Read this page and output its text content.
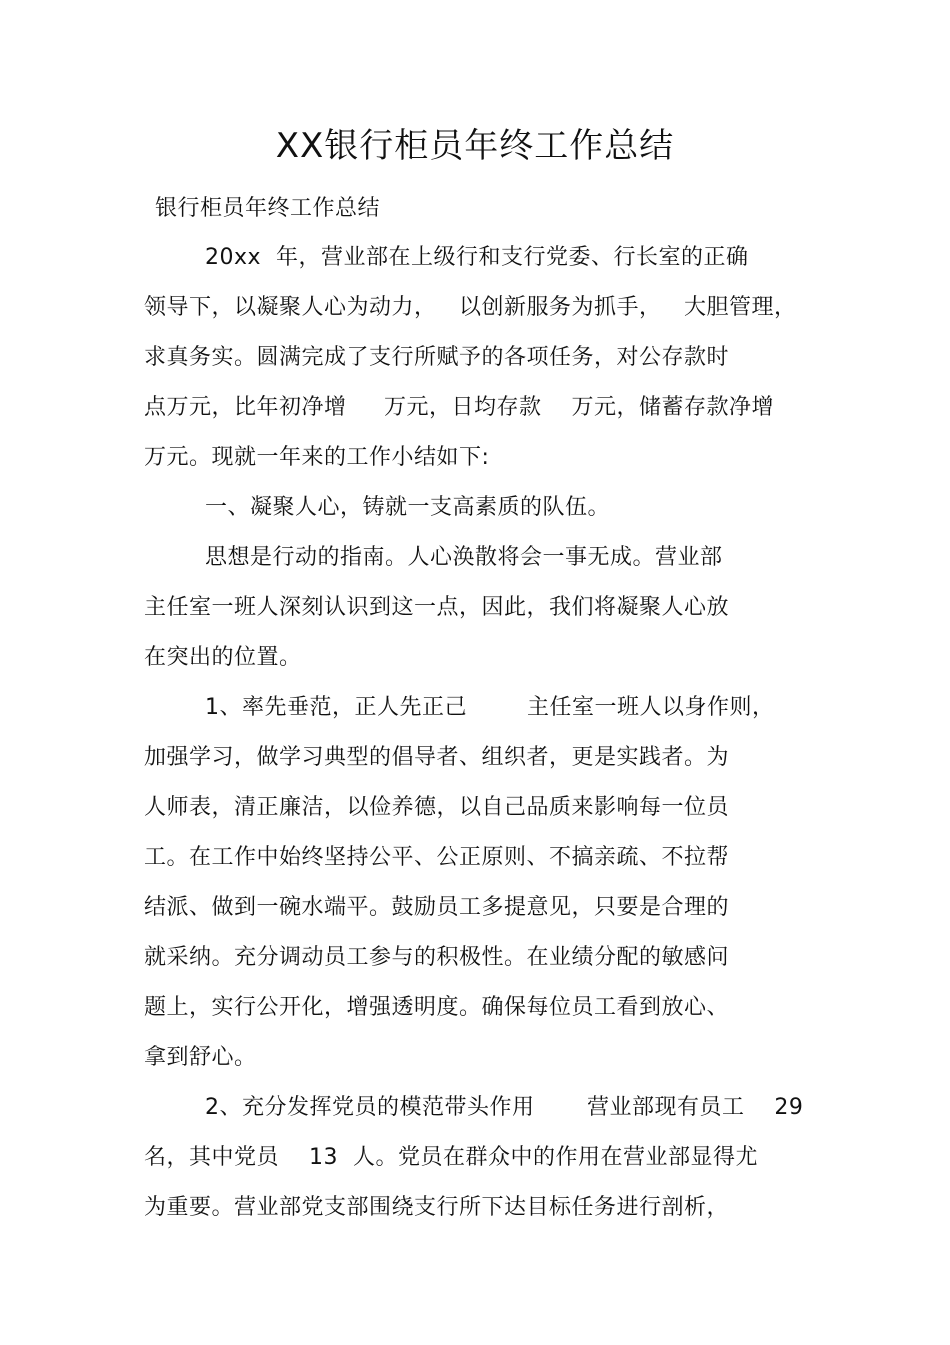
XX银行柜员年终工作总结
银行柜员年终工作总结
20xx  年，营业部在上级行和支行党委、行长室的正确
领导下，以凝聚人心为动力，   以创新服务为抓手，   大胆管理，
求真务实。圆满完成了支行所赋予的各项任务，对公存款时
点万元，比年初净增     万元，日均存款    万元，储蓄存款净增
万元。现就一年来的工作小结如下:
一、凝聚人心，铸就一支高素质的队伍。
思想是行动的指南。人心涣散将会一事无成。营业部
主任室一班人深刻认识到这一点，因此，我们将凝聚人心放
在突出的位置。
1、率先垂范，正人先正己        主任室一班人以身作则，
加强学习，做学习典型的倡导者、组织者，更是实践者。为
人师表，清正廉洁，以俭养德，以自己品质来影响每一位员
工。在工作中始终坚持公平、公正原则、不搞亲疏、不拉帮
结派、做到一碗水端平。鼓励员工多提意见，只要是合理的
就采纳。充分调动员工参与的积极性。在业绩分配的敏感问
题上，实行公开化，增强透明度。确保每位员工看到放心、
拿到舒心。
2、充分发挥党员的模范带头作用       营业部现有员工    29
名，其中党员    13  人。党员在群众中的作用在营业部显得尤
为重要。营业部党支部围绕支行所下达目标任务进行剖析，
